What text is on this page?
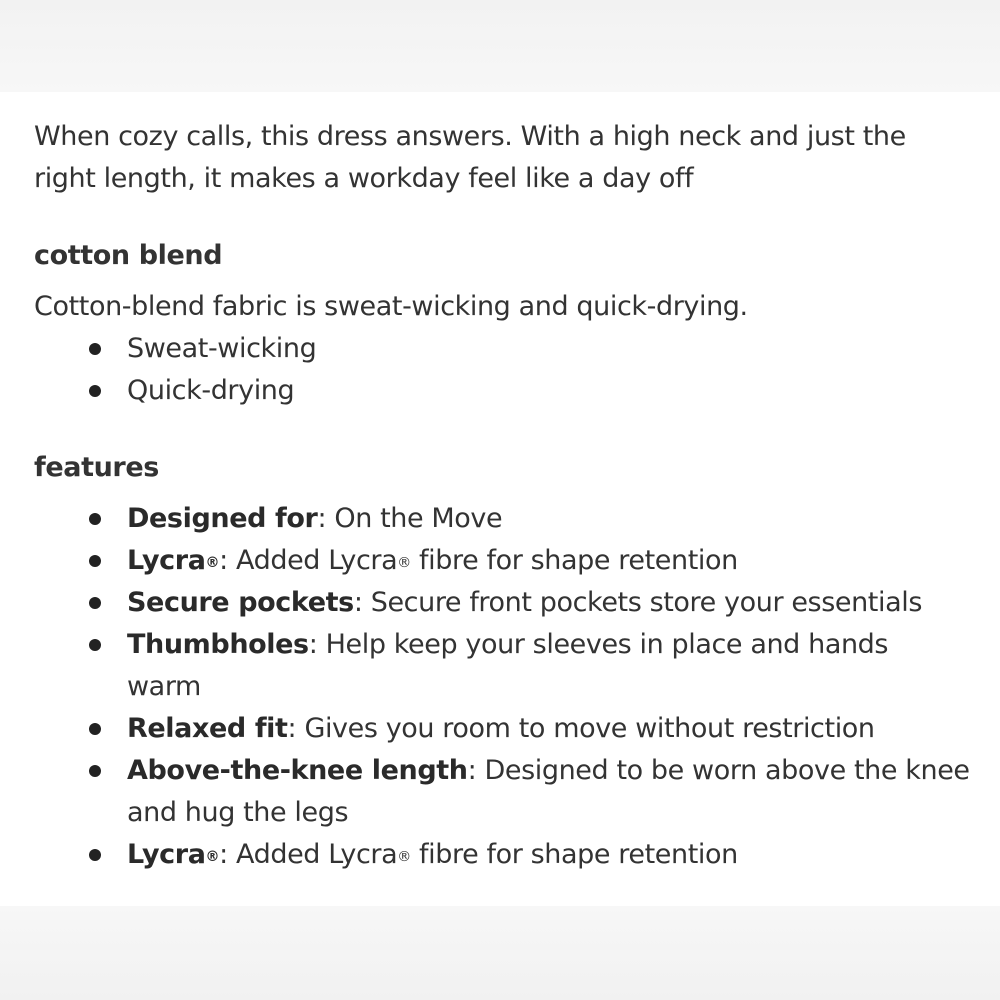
When cozy calls, this dress answers. With a high neck and just the right length, it makes a workday feel like a day off

cotton blend

Cotton-blend fabric is sweat-wicking and quick-drying.

Sweat-wicking
Quick-drying
features
Designed for: On the Move
Lycra®: Added Lycra® fibre for shape retention
Secure pockets: Secure front pockets store your essentials
Thumbholes: Help keep your sleeves in place and hands warm
Relaxed fit: Gives you room to move without restriction
Above-the-knee length: Designed to be worn above the knee and hug the legs
Lycra®: Added Lycra® fibre for shape retention
